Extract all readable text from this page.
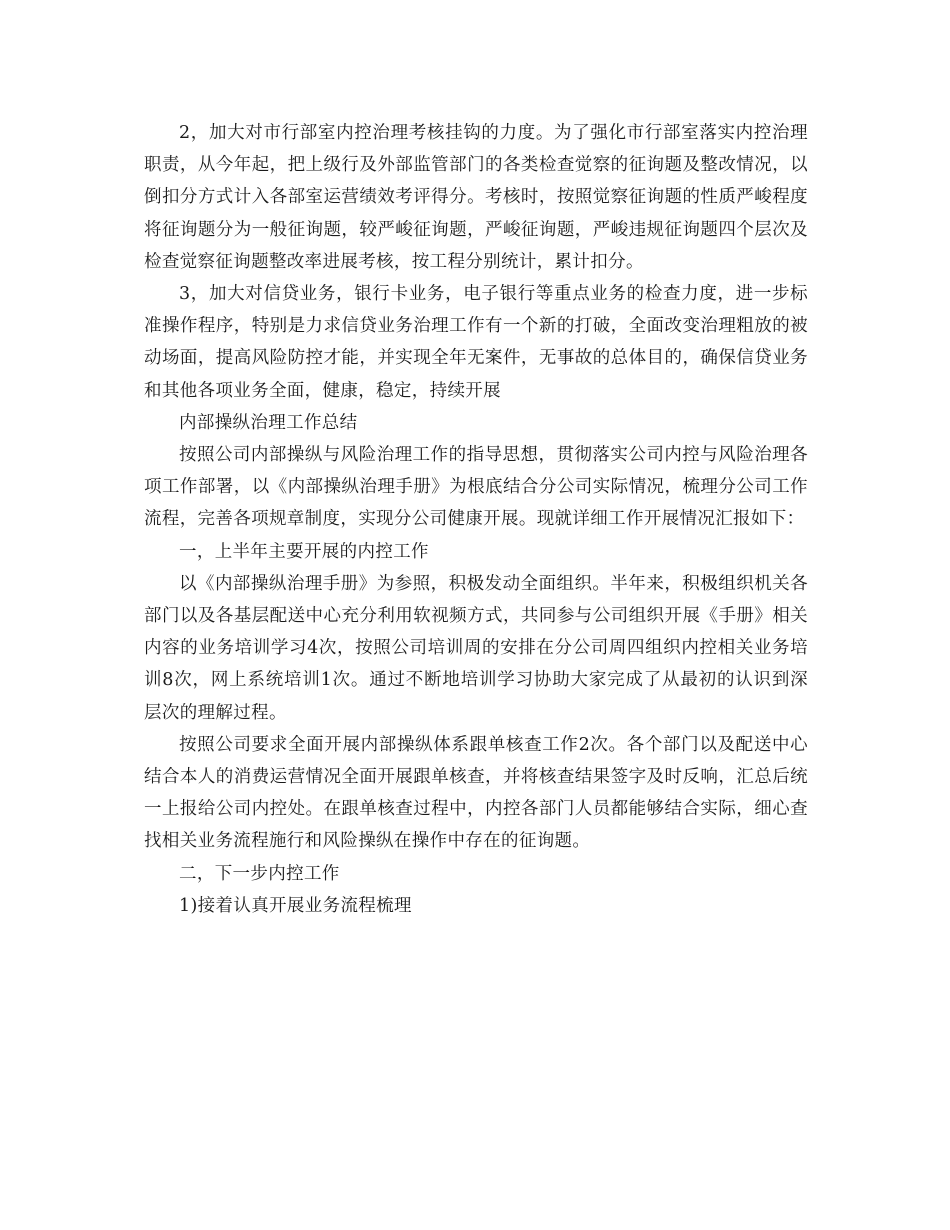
2，加大对市行部室内控治理考核挂钩的力度。为了强化市行部室落实内控治理职责，从今年起，把上级行及外部监管部门的各类检查觉察的征询题及整改情况，以倒扣分方式计入各部室运营绩效考评得分。考核时，按照觉察征询题的性质严峻程度将征询题分为一般征询题，较严峻征询题，严峻征询题，严峻违规征询题四个层次及检查觉察征询题整改率进展考核，按工程分别统计，累计扣分。

3，加大对信贷业务，银行卡业务，电子银行等重点业务的检查力度，进一步标准操作程序，特别是力求信贷业务治理工作有一个新的打破，全面改变治理粗放的被动场面，提高风险防控才能，并实现全年无案件，无事故的总体目的，确保信贷业务和其他各项业务全面，健康，稳定，持续开展

内部操纵治理工作总结

按照公司内部操纵与风险治理工作的指导思想，贯彻落实公司内控与风险治理各项工作部署，以《内部操纵治理手册》为根底结合分公司实际情况，梳理分公司工作流程，完善各项规章制度，实现分公司健康开展。现就详细工作开展情况汇报如下：

一，上半年主要开展的内控工作

以《内部操纵治理手册》为参照，积极发动全面组织。半年来，积极组织机关各部门以及各基层配送中心充分利用软视频方式，共同参与公司组织开展《手册》相关内容的业务培训学习4次，按照公司培训周的安排在分公司周四组织内控相关业务培训8次，网上系统培训1次。通过不断地培训学习协助大家完成了从最初的认识到深层次的理解过程。

按照公司要求全面开展内部操纵体系跟单核查工作2次。各个部门以及配送中心结合本人的消费运营情况全面开展跟单核查，并将核查结果签字及时反响，汇总后统一上报给公司内控处。在跟单核查过程中，内控各部门人员都能够结合实际，细心查找相关业务流程施行和风险操纵在操作中存在的征询题。

二，下一步内控工作

1)接着认真开展业务流程梳理
